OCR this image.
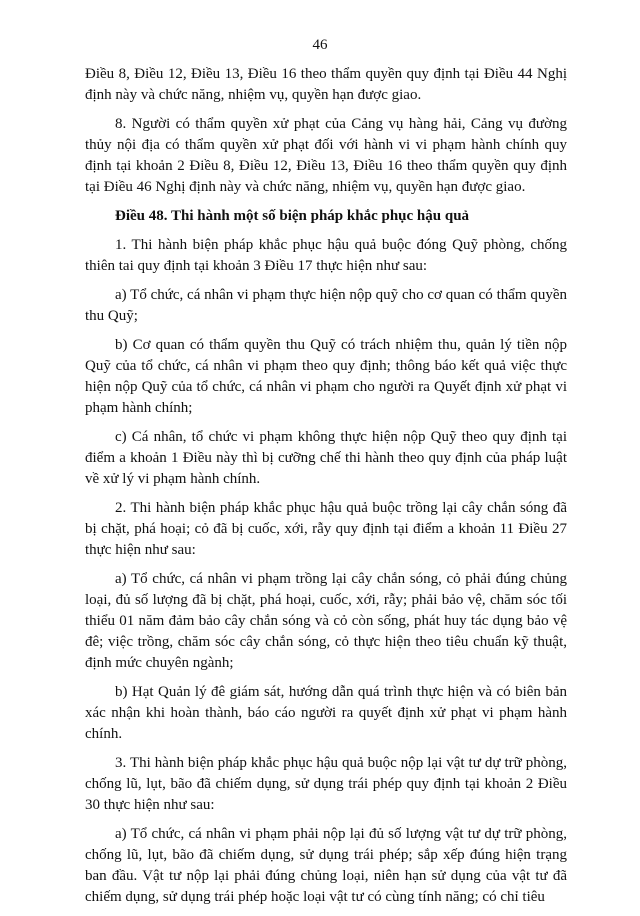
46

Điều 8, Điều 12, Điều 13, Điều 16 theo thẩm quyền quy định tại Điều 44 Nghị định này và chức năng, nhiệm vụ, quyền hạn được giao.

8. Người có thẩm quyền xử phạt của Cảng vụ hàng hải, Cảng vụ đường thủy nội địa có thẩm quyền xử phạt đối với hành vi vi phạm hành chính quy định tại khoản 2 Điều 8, Điều 12, Điều 13, Điều 16 theo thẩm quyền quy định tại Điều 46 Nghị định này và chức năng, nhiệm vụ, quyền hạn được giao.

Điều 48. Thi hành một số biện pháp khắc phục hậu quả

1. Thi hành biện pháp khắc phục hậu quả buộc đóng Quỹ phòng, chống thiên tai quy định tại khoản 3 Điều 17 thực hiện như sau:

a) Tổ chức, cá nhân vi phạm thực hiện nộp quỹ cho cơ quan có thẩm quyền thu Quỹ;

b) Cơ quan có thẩm quyền thu Quỹ có trách nhiệm thu, quản lý tiền nộp Quỹ của tổ chức, cá nhân vi phạm theo quy định; thông báo kết quả việc thực hiện nộp Quỹ của tổ chức, cá nhân vi phạm cho người ra Quyết định xử phạt vi phạm hành chính;

c) Cá nhân, tổ chức vi phạm không thực hiện nộp Quỹ theo quy định tại điểm a khoản 1 Điều này thì bị cưỡng chế thi hành theo quy định của pháp luật về xử lý vi phạm hành chính.

2. Thi hành biện pháp khắc phục hậu quả buộc trồng lại cây chắn sóng đã bị chặt, phá hoại; cỏ đã bị cuốc, xới, rẫy quy định tại điểm a khoản 11 Điều 27 thực hiện như sau:

a) Tổ chức, cá nhân vi phạm trồng lại cây chắn sóng, cỏ phải đúng chủng loại, đủ số lượng đã bị chặt, phá hoại, cuốc, xới, rẫy; phải bảo vệ, chăm sóc tối thiểu 01 năm đảm bảo cây chắn sóng và cỏ còn sống, phát huy tác dụng bảo vệ đê; việc trồng, chăm sóc cây chắn sóng, cỏ thực hiện theo tiêu chuẩn kỹ thuật, định mức chuyên ngành;

b) Hạt Quản lý đê giám sát, hướng dẫn quá trình thực hiện và có biên bản xác nhận khi hoàn thành, báo cáo người ra quyết định xử phạt vi phạm hành chính.

3. Thi hành biện pháp khắc phục hậu quả buộc nộp lại vật tư dự trữ phòng, chống lũ, lụt, bão đã chiếm dụng, sử dụng trái phép quy định tại khoản 2 Điều 30 thực hiện như sau:

a) Tổ chức, cá nhân vi phạm phải nộp lại đủ số lượng vật tư dự trữ phòng, chống lũ, lụt, bão đã chiếm dụng, sử dụng trái phép; sắp xếp đúng hiện trạng ban đầu. Vật tư nộp lại phải đúng chủng loại, niên hạn sử dụng của vật tư đã chiếm dụng, sử dụng trái phép hoặc loại vật tư có cùng tính năng; có chỉ tiêu
